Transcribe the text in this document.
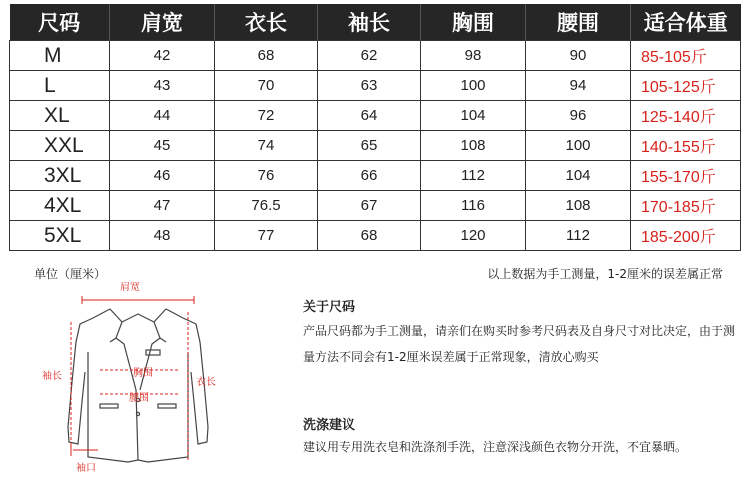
尺码	肩宽	衣长	袖长	胸围	腰围	适合体重
M	42	68	62	98	90	85-105斤
L	43	70	63	100	94	105-125斤
XL	44	72	64	104	96	125-140斤
XXL	45	74	65	108	100	140-155斤
3XL	46	76	66	112	104	155-170斤
4XL	47	76.5	67	116	108	170-185斤
5XL	48	77	68	120	112	185-200斤
单位（厘米）	以上数据为手工测量，1-2厘米的误差属正常
肩宽
袖长
衣长
胸围
腰围
袖口
关于尺码
产品尺码都为手工测量，请亲们在购买时参考尺码表及自身尺寸对比决定，由于测量方法不同会有1-2厘米误差属于正常现象，清放心购买
洗涤建议
建议用专用洗衣皂和洗涤剂手洗，注意深浅颜色衣物分开洗，不宜暴晒。
